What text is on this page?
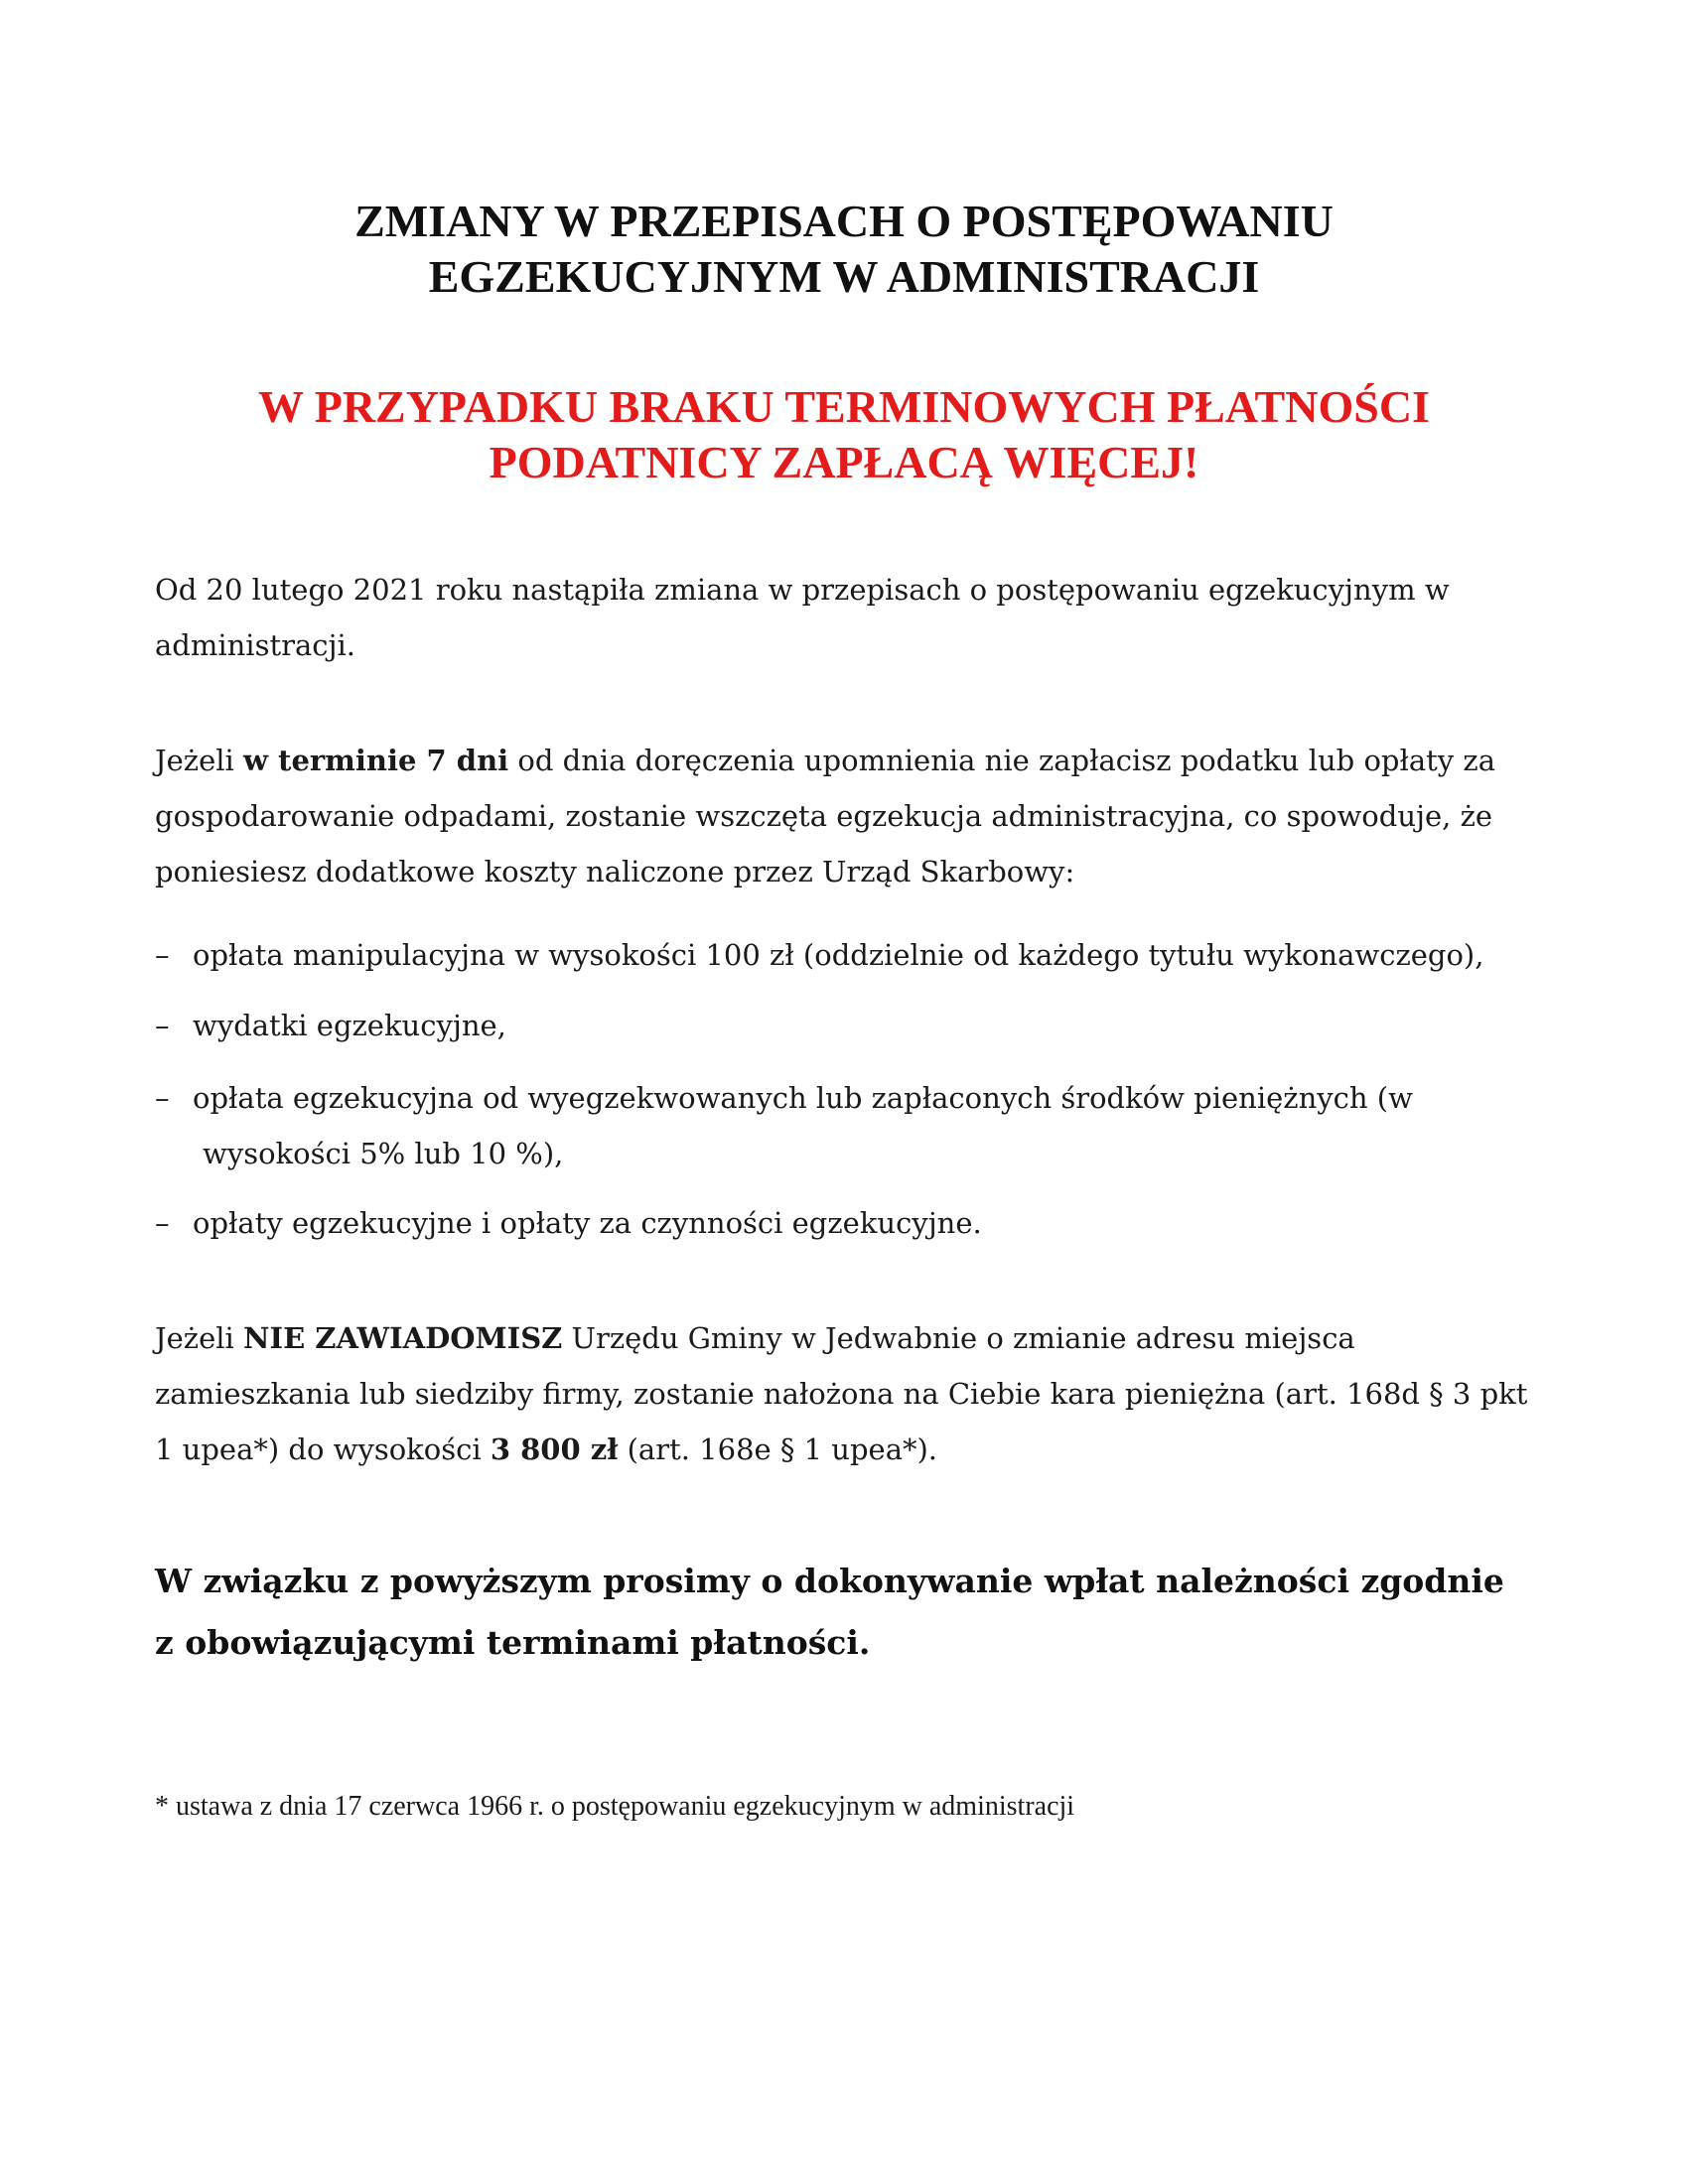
ZMIANY W PRZEPISACH O POSTĘPOWANIU
EGZEKUCYJNYM W ADMINISTRACJI
W PRZYPADKU BRAKU TERMINOWYCH PŁATNOŚCI
PODATNICY ZAPŁACĄ WIĘCEJ!

Od 20 lutego 2021 roku nastąpiła zmiana w przepisach o postępowaniu egzekucyjnym w
administracji.

Jeżeli w terminie 7 dni od dnia doręczenia upomnienia nie zapłacisz podatku lub opłaty za
gospodarowanie odpadami, zostanie wszczęta egzekucja administracyjna, co spowoduje, że
poniesiesz dodatkowe koszty naliczone przez Urząd Skarbowy:

– opłata manipulacyjna w wysokości 100 zł (oddzielnie od każdego tytułu wykonawczego),

– wydatki egzekucyjne,

– opłata egzekucyjna od wyegzekwowanych lub zapłaconych środków pieniężnych (w
wysokości 5% lub 10 %),

– opłaty egzekucyjne i opłaty za czynności egzekucyjne.

Jeżeli NIE ZAWIADOMISZ Urzędu Gminy w Jedwabnie o zmianie adresu miejsca
zamieszkania lub siedziby firmy, zostanie nałożona na Ciebie kara pieniężna (art. 168d § 3 pkt
1 upea*) do wysokości 3 800 zł (art. 168e § 1 upea*).

W związku z powyższym prosimy o dokonywanie wpłat należności zgodnie
z obowiązującymi terminami płatności.

* ustawa z dnia 17 czerwca 1966 r. o postępowaniu egzekucyjnym w administracji
